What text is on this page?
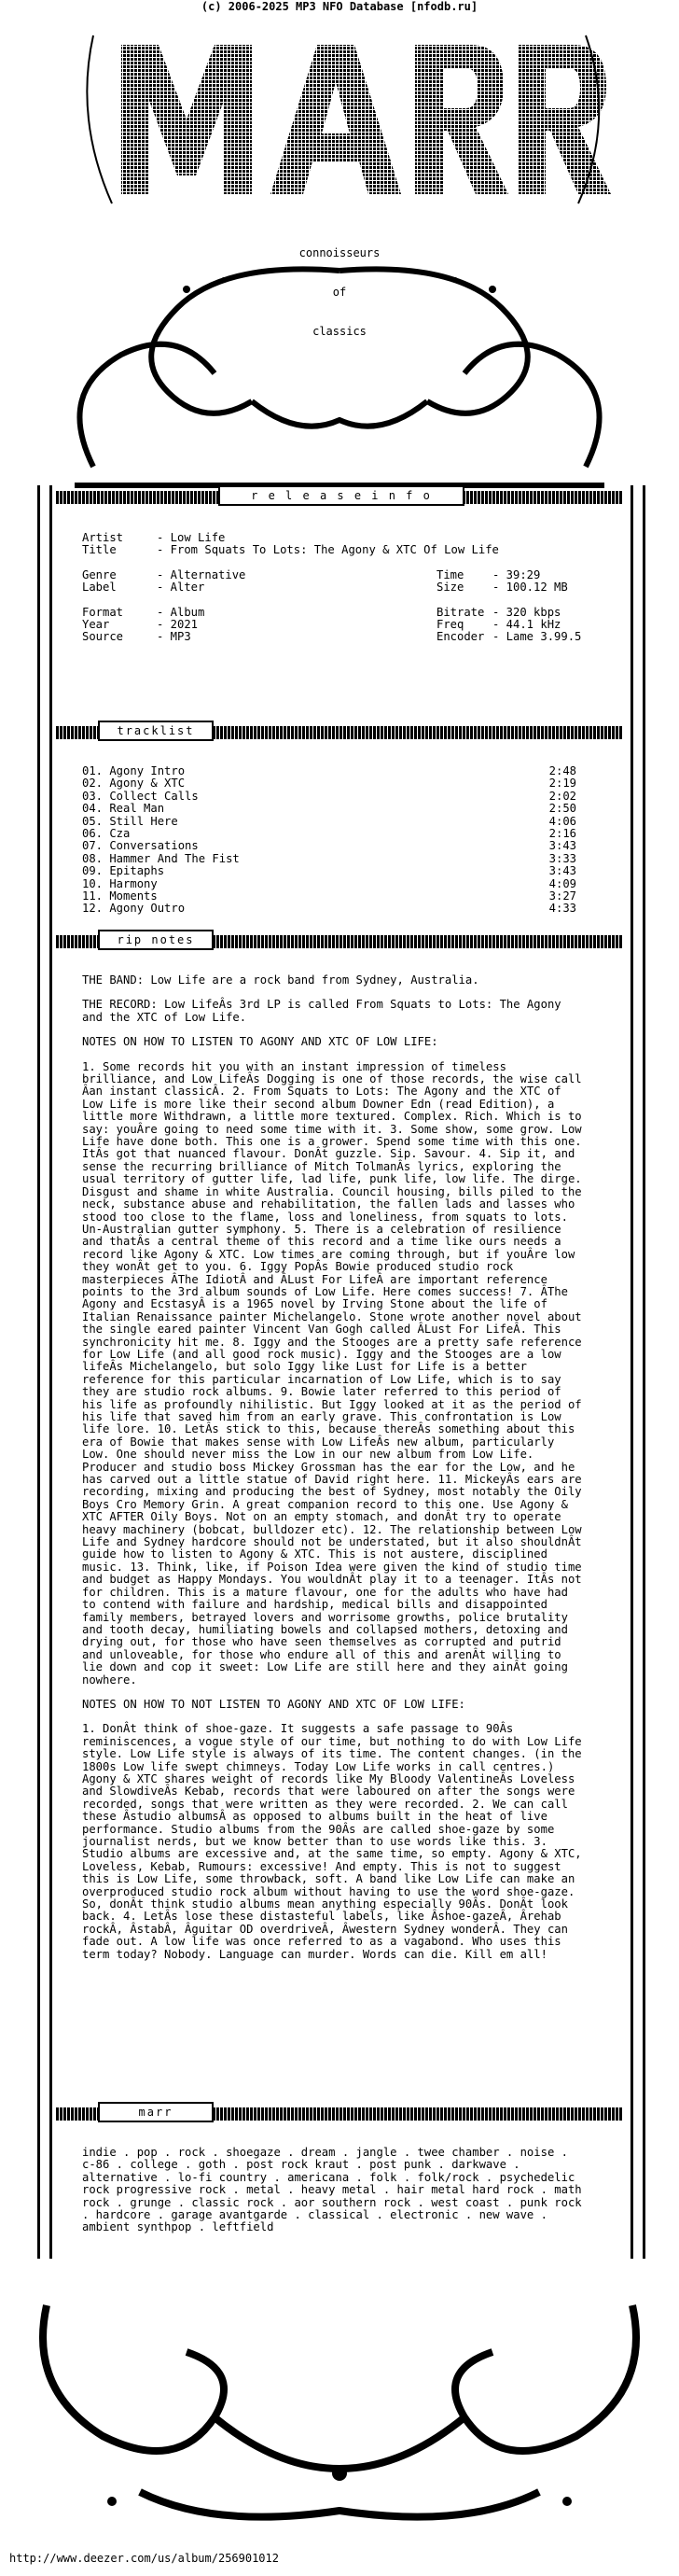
(c) 2006-2025 MP3 NFO Database [nfodb.ru]

connoisseurs

of

classics

r e l e a s e i n f o
Artist	- Low Life
Title	- From Squats To Lots: The Agony & XTC Of Low Life
Genre	- Alternative	Time	- 39:29
Label	- Alter	Size	- 100.12 MB
Format	- Album	Bitrate - 320 kbps
Year	- 2021	Freq	- 44.1 kHz
Source	- MP3	Encoder - Lame 3.99.5
tracklist
01. Agony Intro	2:48
02. Agony & XTC	2:19
03. Collect Calls	2:02
04. Real Man	2:50
05. Still Here	4:06
06. Cza	2:16
07. Conversations	3:43
08. Hammer And The Fist	3:33
09. Epitaphs	3:43
10. Harmony	4:09
11. Moments	3:27
12. Agony Outro	4:33
rip notes
THE BAND: Low Life are a rock band from Sydney, Australia.
THE RECORD: Low LifeÂs 3rd LP is called From Squats to Lots: The Agony and the XTC of Low Life.
NOTES ON HOW TO LISTEN TO AGONY AND XTC OF LOW LIFE:
1. Some records hit you with an instant impression of timeless brilliance, and Low LifeÂs Dogging is one of those records, the wise call Âan instant classicÂ. 2. From Squats to Lots: The Agony and the XTC of Low Life is more like their second album Downer Edn (read Edition), a little more Withdrawn, a little more textured. Complex. Rich. Which is to say: youÂre going to need some time with it. 3. Some show, some grow. Low Life have done both. This one is a grower. Spend some time with this one. ItÂs got that nuanced flavour. DonÂt guzzle. Sip. Savour. 4. Sip it, and sense the recurring brilliance of Mitch TolmanÂs lyrics, exploring the usual territory of gutter life, lad life, punk life, low life. The dirge. Disgust and shame in white Australia. Council housing, bills piled to the neck, substance abuse and rehabilitation, the fallen lads and lasses who stood too close to the flame, loss and loneliness, from squats to lots. Un-Australian gutter symphony. 5. There is a celebration of resilience and thatÂs a central theme of this record and a time like ours needs a record like Agony & XTC. Low times are coming through, but if youÂre low they wonÂt get to you. 6. Iggy PopÂs Bowie produced studio rock masterpieces ÂThe IdiotÂ and ÂLust For LifeÂ are important reference points to the 3rd album sounds of Low Life. Here comes success! 7. ÂThe Agony and EcstasyÂ is a 1965 novel by Irving Stone about the life of Italian Renaissance painter Michelangelo. Stone wrote another novel about the single eared painter Vincent Van Gogh called ÂLust For LifeÂ. This synchronicity hit me. 8. Iggy and the Stooges are a pretty safe reference for Low Life (and all good rock music). Iggy and the Stooges are a low lifeÂs Michelangelo, but solo Iggy like Lust for Life is a better reference for this particular incarnation of Low Life, which is to say they are studio rock albums. 9. Bowie later referred to this period of his life as profoundly nihilistic. But Iggy looked at it as the period of his life that saved him from an early grave. This confrontation is Low life lore. 10. LetÂs stick to this, because thereÂs something about this era of Bowie that makes sense with Low LifeÂs new album, particularly Low. One should never miss the Low in our new album from Low Life. Producer and studio boss Mickey Grossman has the ear for the Low, and he has carved out a little statue of David right here. 11. MickeyÂs ears are recording, mixing and producing the best of Sydney, most notably the Oily Boys Cro Memory Grin. A great companion record to this one. Use Agony & XTC AFTER Oily Boys. Not on an empty stomach, and donÂt try to operate heavy machinery (bobcat, bulldozer etc). 12. The relationship between Low Life and Sydney hardcore should not be understated, but it also shouldnÂt guide how to listen to Agony & XTC. This is not austere, disciplined music. 13. Think, like, if Poison Idea were given the kind of studio time and budget as Happy Mondays. You wouldnÂt play it to a teenager. ItÂs not for children. This is a mature flavour, one for the adults who have had to contend with failure and hardship, medical bills and disappointed family members, betrayed lovers and worrisome growths, police brutality and tooth decay, humiliating bowels and collapsed mothers, detoxing and drying out, for those who have seen themselves as corrupted and putrid and unloveable, for those who endure all of this and arenÂt willing to lie down and cop it sweet: Low Life are still here and they ainÂt going nowhere.
NOTES ON HOW TO NOT LISTEN TO AGONY AND XTC OF LOW LIFE:
1. DonÂt think of shoe-gaze. It suggests a safe passage to 90Âs reminiscences, a vogue style of our time, but nothing to do with Low Life style. Low Life style is always of its time. The content changes. (in the 1800s Low life swept chimneys. Today Low Life works in call centres.) Agony & XTC shares weight of records like My Bloody ValentineÂs Loveless and SlowdiveÂs Kebab, records that were laboured on after the songs were recorded, songs that were written as they were recorded. 2. We can call these Âstudio albumsÂ as opposed to albums built in the heat of live performance. Studio albums from the 90Âs are called shoe-gaze by some journalist nerds, but we know better than to use words like this. 3. Studio albums are excessive and, at the same time, so empty. Agony & XTC, Loveless, Kebab, Rumours: excessive! And empty. This is not to suggest this is Low Life, some throwback, soft. A band like Low Life can make an overproduced studio rock album without having to use the word shoe-gaze. So, donÂt think studio albums mean anything especially 90Âs. DonÂt look back. 4. LetÂs lose these distasteful labels, like Âshoe-gazeÂ, Ârehab rockÂ, ÂstabÂ, Âguitar OD overdriveÂ, Âwestern Sydney wonderÂ. They can fade out. A low life was once referred to as a vagabond. Who uses this term today? Nobody. Language can murder. Words can die. Kill em all!
marr
indie . pop . rock . shoegaze . dream . jangle . twee chamber . noise . c-86 . college . goth . post rock kraut . post punk . darkwave . alternative . lo-fi country . americana . folk . folk/rock . psychedelic rock progressive rock . metal . heavy metal . hair metal hard rock . math rock . grunge . classic rock . aor southern rock . west coast . punk rock . hardcore . garage avantgarde . classical . electronic . new wave . ambient synthpop . leftfield
http://www.deezer.com/us/album/256901012
